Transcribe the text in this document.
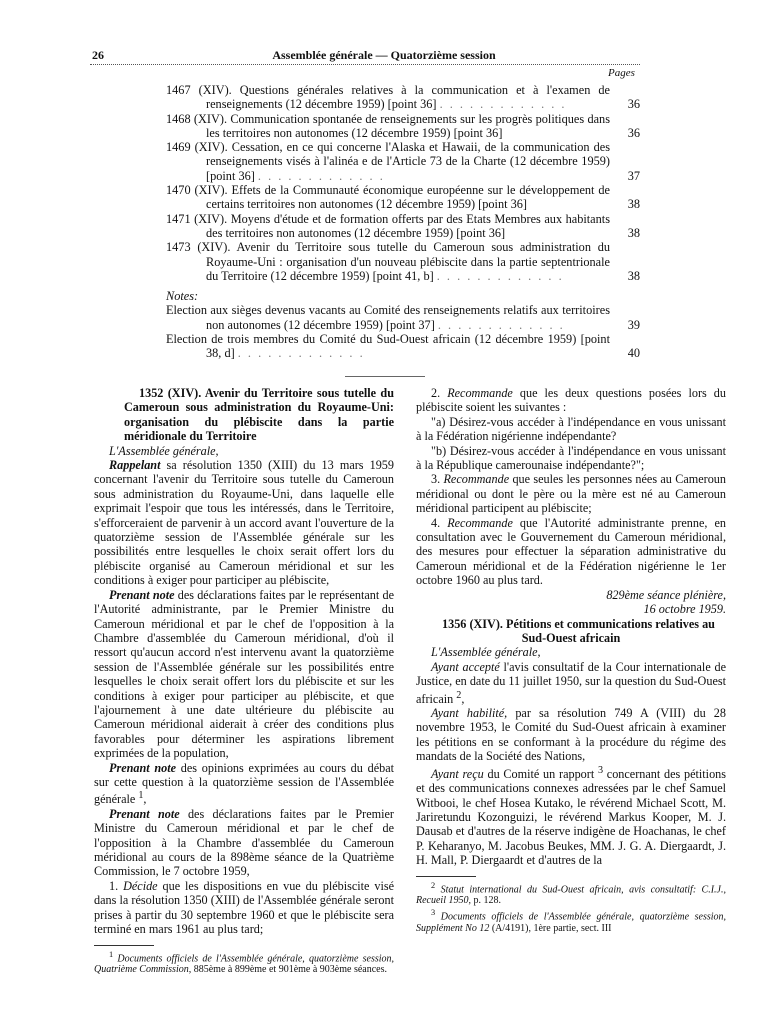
26	Assemblée générale — Quatorzième session
Pages
1467 (XIV). Questions générales relatives à la communication et à l'examen de renseignements (12 décembre 1959) [point 36] . . . . . . . . . . . . .	36
1468 (XIV). Communication spontanée de renseignements sur les progrès politiques dans les territoires non autonomes (12 décembre 1959) [point 36]	36
1469 (XIV). Cessation, en ce qui concerne l'Alaska et Hawaii, de la communication des renseignements visés à l'alinéa e de l'Article 73 de la Charte (12 décembre 1959) [point 36] . . . . . . . . . . . . .	37
1470 (XIV). Effets de la Communauté économique européenne sur le développement de certains territoires non autonomes (12 décembre 1959) [point 36]	38
1471 (XIV). Moyens d'étude et de formation offerts par des Etats Membres aux habitants des territoires non autonomes (12 décembre 1959) [point 36]	38
1473 (XIV). Avenir du Territoire sous tutelle du Cameroun sous administration du Royaume-Uni : organisation d'un nouveau plébiscite dans la partie septentrionale du Territoire (12 décembre 1959) [point 41, b] . . . . . . . . . . . . .	38
Notes:
Election aux sièges devenus vacants au Comité des renseignements relatifs aux territoires non autonomes (12 décembre 1959) [point 37] . . . . . . . . . . . . .	39
Election de trois membres du Comité du Sud-Ouest africain (12 décembre 1959) [point 38, d] . . . . . . . . . . . . .	40

1352 (XIV). Avenir du Territoire sous tutelle du Cameroun sous administration du Royaume-Uni: organisation du plébiscite dans la partie méridionale du Territoire

L'Assemblée générale,

Rappelant sa résolution 1350 (XIII) du 13 mars 1959 concernant l'avenir du Territoire sous tutelle du Cameroun sous administration du Royaume-Uni, dans laquelle elle exprimait l'espoir que tous les intéressés, dans le Territoire, s'efforceraient de parvenir à un accord avant l'ouverture de la quatorzième session de l'Assemblée générale sur les possibilités entre lesquelles le choix serait offert lors du plébiscite organisé au Cameroun méridional et sur les conditions à exiger pour participer au plébiscite,

Prenant note des déclarations faites par le représentant de l'Autorité administrante, par le Premier Ministre du Cameroun méridional et par le chef de l'opposition à la Chambre d'assemblée du Cameroun méridional, d'où il ressort qu'aucun accord n'est intervenu avant la quatorzième session de l'Assemblée générale sur les possibilités entre lesquelles le choix serait offert lors du plébiscite et sur les conditions à exiger pour participer au plébiscite, et que l'ajournement à une date ultérieure du plébiscite au Cameroun méridional aiderait à créer des conditions plus favorables pour déterminer les aspirations librement exprimées de la population,

Prenant note des opinions exprimées au cours du débat sur cette question à la quatorzième session de l'Assemblée générale $^1$,

Prenant note des déclarations faites par le Premier Ministre du Cameroun méridional et par le chef de l'opposition à la Chambre d'assemblée du Cameroun méridional au cours de la 898ème séance de la Quatrième Commission, le 7 octobre 1959,

1. Décide que les dispositions en vue du plébiscite visé dans la résolution 1350 (XIII) de l'Assemblée générale seront prises à partir du 30 septembre 1960 et que le plébiscite sera terminé en mars 1961 au plus tard;

$^1$ Documents officiels de l'Assemblée générale, quatorzième session, Quatrième Commission, 885ème à 899ème et 901ème à 903ème séances.

2. Recommande que les deux questions posées lors du plébiscite soient les suivantes :

"a) Désirez-vous accéder à l'indépendance en vous unissant à la Fédération nigérienne indépendante?

"b) Désirez-vous accéder à l'indépendance en vous unissant à la République camerounaise indépendante?";

3. Recommande que seules les personnes nées au Cameroun méridional ou dont le père ou la mère est né au Cameroun méridional participent au plébiscite;

4. Recommande que l'Autorité administrante prenne, en consultation avec le Gouvernement du Cameroun méridional, des mesures pour effectuer la séparation administrative du Cameroun méridional et de la Fédération nigérienne le 1er octobre 1960 au plus tard.

829ème séance plénière,

16 octobre 1959.

1356 (XIV). Pétitions et communications relatives au Sud-Ouest africain

L'Assemblée générale,

Ayant accepté l'avis consultatif de la Cour internationale de Justice, en date du 11 juillet 1950, sur la question du Sud-Ouest africain $^2$,

Ayant habilité, par sa résolution 749 A (VIII) du 28 novembre 1953, le Comité du Sud-Ouest africain à examiner les pétitions en se conformant à la procédure du régime des mandats de la Société des Nations,

Ayant reçu du Comité un rapport $^3$ concernant des pétitions et des communications connexes adressées par le chef Samuel Witbooi, le chef Hosea Kutako, le révérend Michael Scott, M. Jariretundu Kozonguizi, le révérend Markus Kooper, M. J. Dausab et d'autres de la réserve indigène de Hoachanas, le chef P. Keharanyo, M. Jacobus Beukes, MM. J. G. A. Diergaardt, J. H. Mall, P. Diergaardt et d'autres de la

$^2$ Statut international du Sud-Ouest africain, avis consultatif: C.I.J., Recueil 1950, p. 128.

$^3$ Documents officiels de l'Assemblée générale, quatorzième session, Supplément No 12 (A/4191), 1ère partie, sect. III
